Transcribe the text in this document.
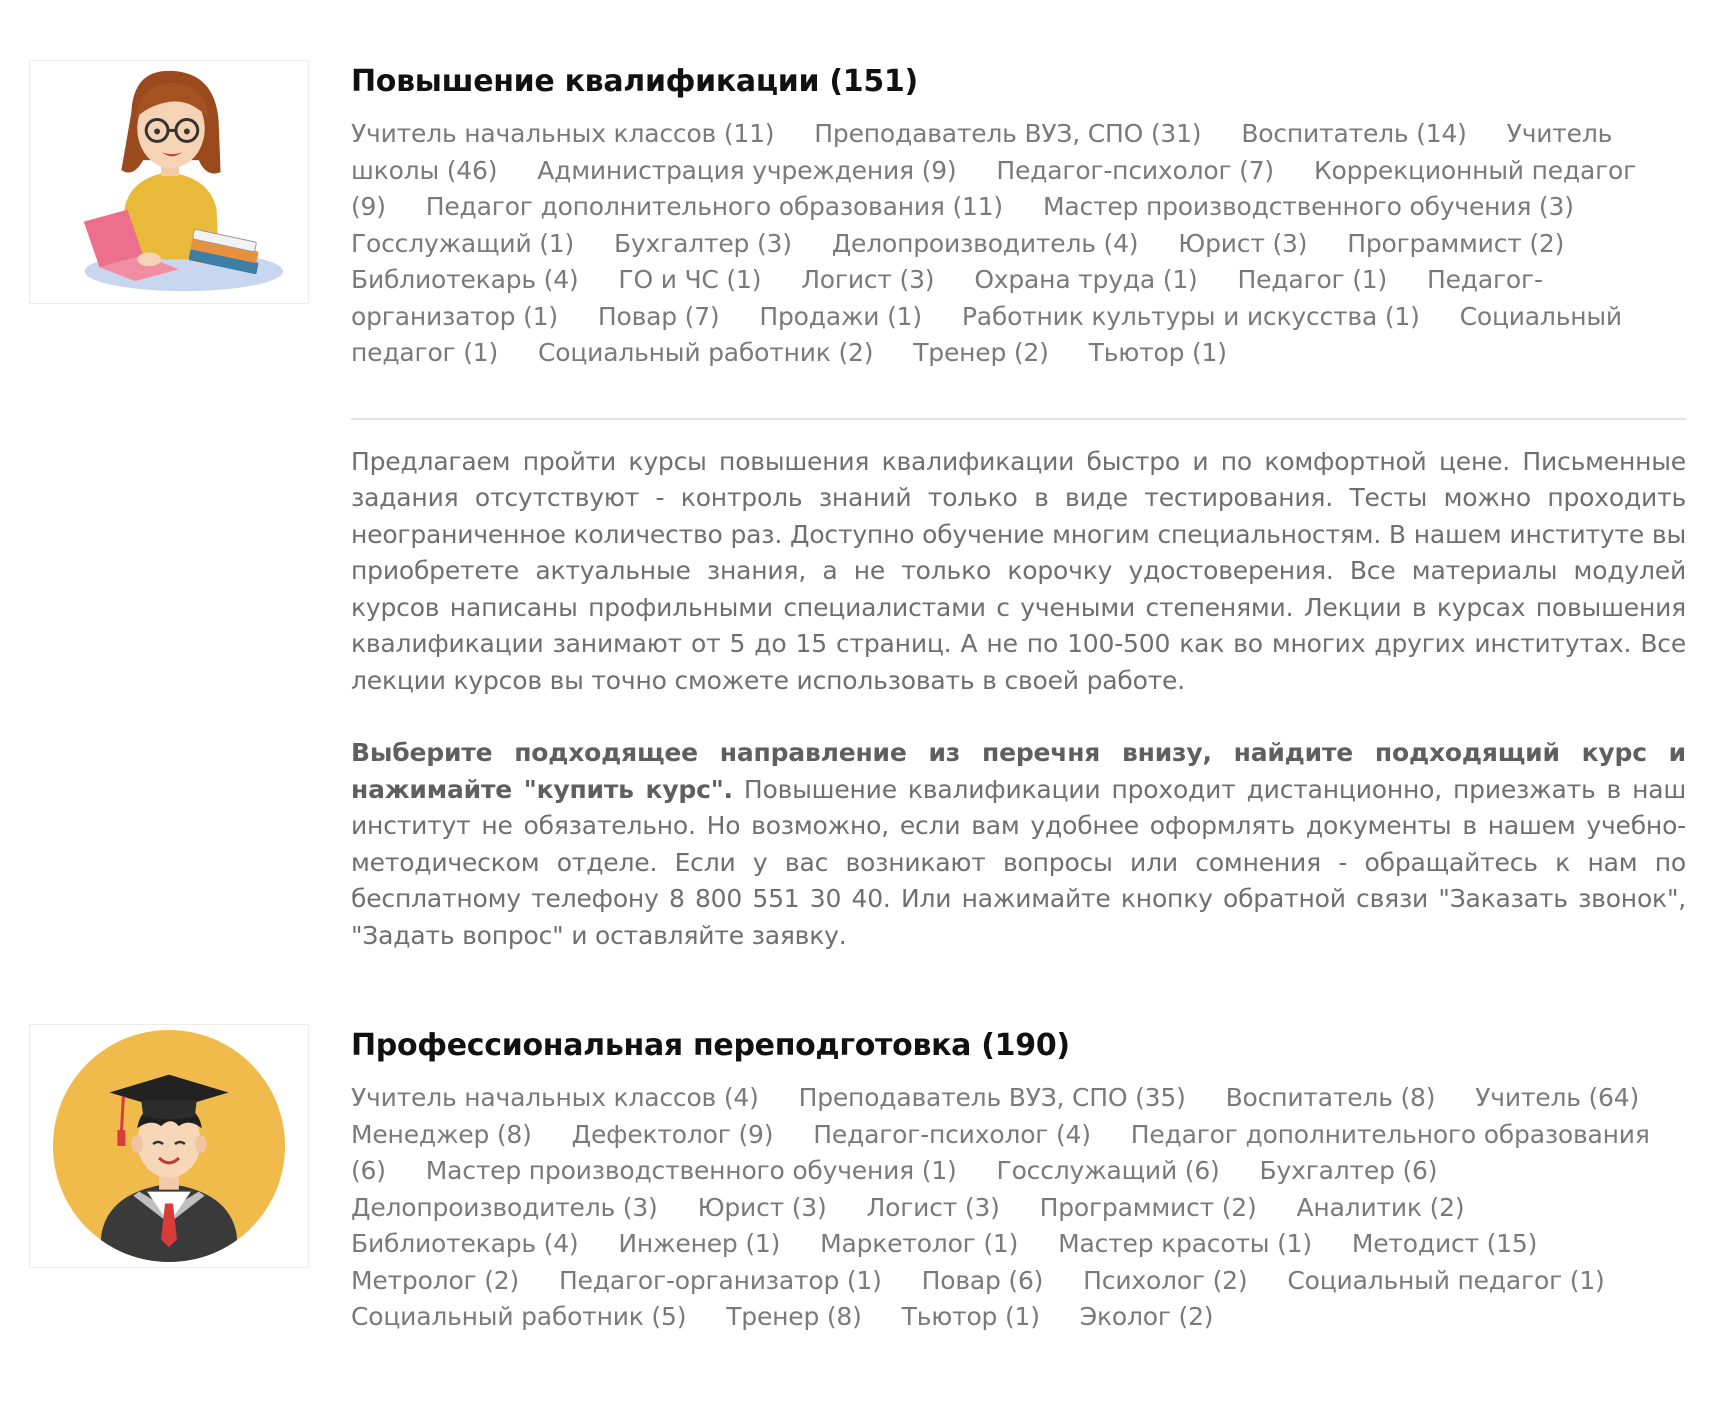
Повышение квалификации (151)
Учитель начальных классов (11) Преподаватель ВУЗ, СПО (31) Воспитатель (14) Учитель школы (46) Администрация учреждения (9) Педагог-психолог (7) Коррекционный педагог (9) Педагог дополнительного образования (11) Мастер производственного обучения (3) Госслужащий (1) Бухгалтер (3) Делопроизводитель (4) Юрист (3) Программист (2) Библиотекарь (4) ГО и ЧС (1) Логист (3) Охрана труда (1) Педагог (1) Педагог-организатор (1) Повар (7) Продажи (1) Работник культуры и искусства (1) Социальный педагог (1) Социальный работник (2) Тренер (2) Тьютор (1)

Предлагаем пройти курсы повышения квалификации быстро и по комфортной цене. Письменные задания отсутствуют - контроль знаний только в виде тестирования. Тесты можно проходить неограниченное количество раз. Доступно обучение многим специальностям. В нашем институте вы приобретете актуальные знания, а не только корочку удостоверения. Все материалы модулей курсов написаны профильными специалистами с учеными степенями. Лекции в курсах повышения квалификации занимают от 5 до 15 страниц. А не по 100-500 как во многих других институтах. Все лекции курсов вы точно сможете использовать в своей работе.

Выберите подходящее направление из перечня внизу, найдите подходящий курс и нажимайте "купить курс". Повышение квалификации проходит дистанционно, приезжать в наш институт не обязательно. Но возможно, если вам удобнее оформлять документы в нашем учебно-методическом отделе. Если у вас возникают вопросы или сомнения - обращайтесь к нам по бесплатному телефону 8 800 551 30 40. Или нажимайте кнопку обратной связи "Заказать звонок", "Задать вопрос" и оставляйте заявку.

Профессиональная переподготовка (190)
Учитель начальных классов (4) Преподаватель ВУЗ, СПО (35) Воспитатель (8) Учитель (64) Менеджер (8) Дефектолог (9) Педагог-психолог (4) Педагог дополнительного образования (6) Мастер производственного обучения (1) Госслужащий (6) Бухгалтер (6) Делопроизводитель (3) Юрист (3) Логист (3) Программист (2) Аналитик (2) Библиотекарь (4) Инженер (1) Маркетолог (1) Мастер красоты (1) Методист (15) Метролог (2) Педагог-организатор (1) Повар (6) Психолог (2) Социальный педагог (1) Социальный работник (5) Тренер (8) Тьютор (1) Эколог (2)
